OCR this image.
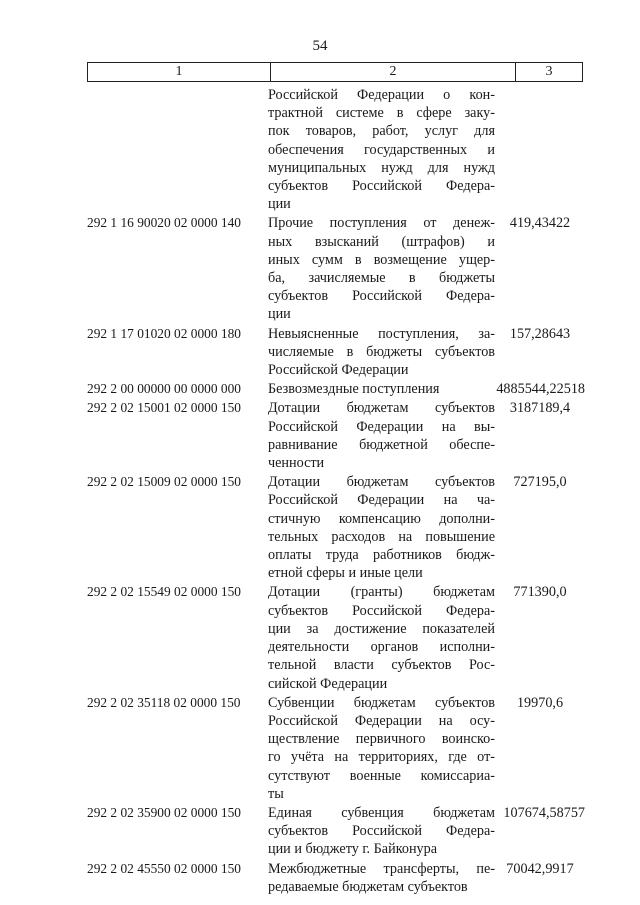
54
1	2	3
Российской Федерации о кон-
трактной системе в сфере заку-
пок товаров, работ, услуг для
обеспечения государственных и
муниципальных нужд для нужд
субъектов Российской Федера-
ции
292 1 16 90020 02 0000 140	Прочие поступления от денеж-
ных взысканий (штрафов) и
иных сумм в возмещение ущер-
ба, зачисляемые в бюджеты
субъектов Российской Федера-
ции
419,43422
292 1 17 01020 02 0000 180	Невыясненные поступления, за-
числяемые в бюджеты субъектов
Российской Федерации
157,28643
292 2 00 00000 00 0000 000	Безвозмездные поступления	4885544,22518
292 2 02 15001 02 0000 150	Дотации бюджетам субъектов
Российской Федерации на вы-
равнивание бюджетной обеспе-
ченности
3187189,4
292 2 02 15009 02 0000 150	Дотации бюджетам субъектов
Российской Федерации на ча-
стичную компенсацию дополни-
тельных расходов на повышение
оплаты труда работников бюдж-
етной сферы и иные цели
727195,0
292 2 02 15549 02 0000 150	Дотации (гранты) бюджетам
субъектов Российской Федера-
ции за достижение показателей
деятельности органов исполни-
тельной власти субъектов Рос-
сийской Федерации
771390,0
292 2 02 35118 02 0000 150	Субвенции бюджетам субъектов
Российской Федерации на осу-
ществление первичного воинско-
го учёта на территориях, где от-
сутствуют военные комиссариа-
ты
19970,6
292 2 02 35900 02 0000 150	Единая субвенция бюджетам
субъектов Российской Федера-
ции и бюджету г. Байконура
107674,58757
292 2 02 45550 02 0000 150	Межбюджетные трансферты, пе-
редаваемые бюджетам субъектов
70042,9917
